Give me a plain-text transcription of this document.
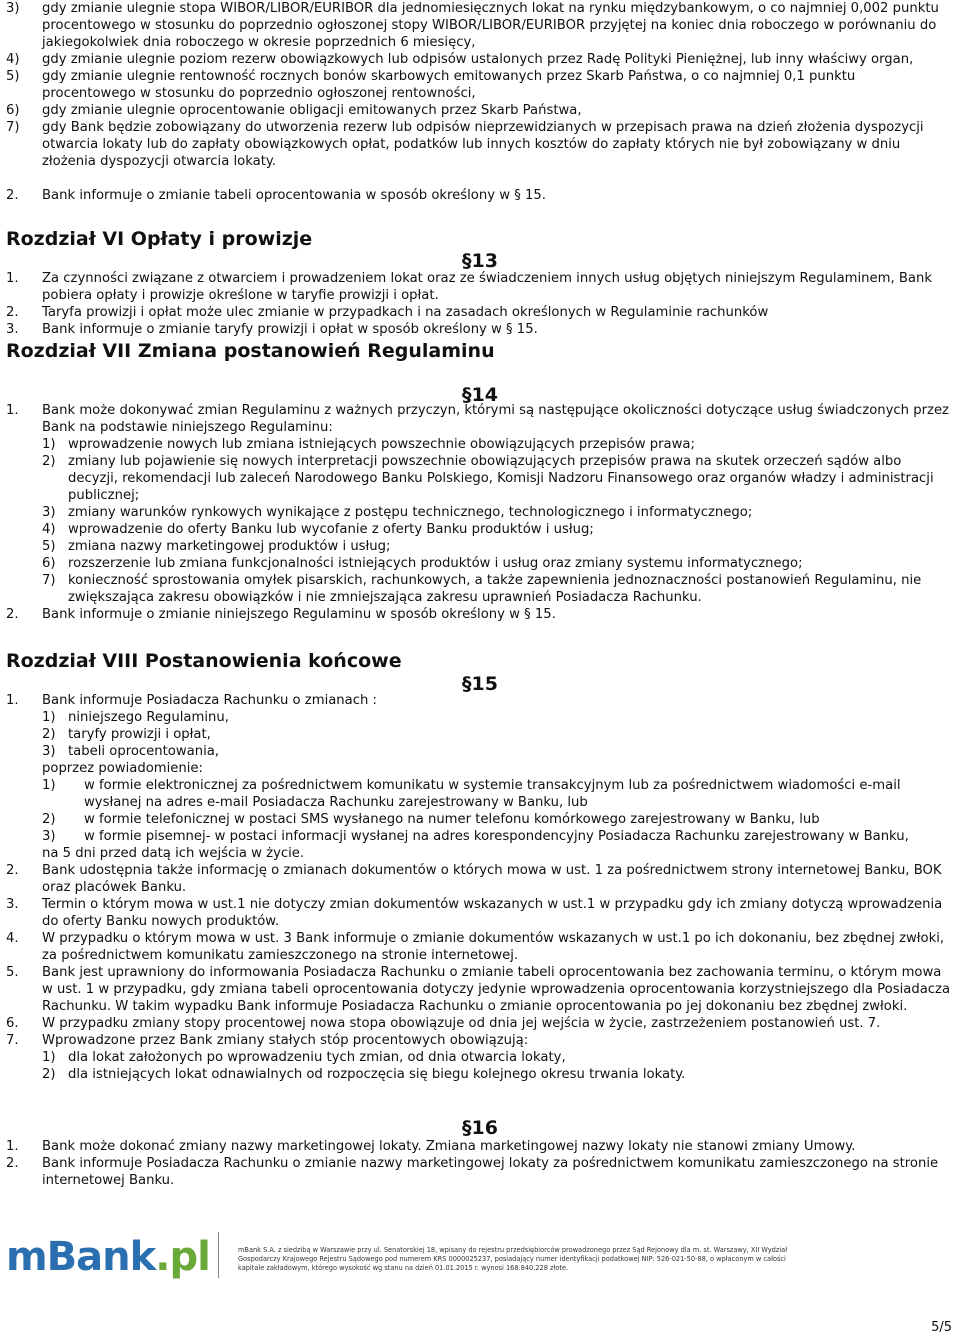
3)	gdy zmianie ulegnie stopa WIBOR/LIBOR/EURIBOR dla jednomiesięcznych lokat na rynku międzybankowym, o co najmniej 0,002 punktu procentowego w stosunku do poprzednio ogłoszonej stopy WIBOR/LIBOR/EURIBOR przyjętej na koniec dnia roboczego w porównaniu do jakiegokolwiek dnia roboczego w okresie poprzednich 6 miesięcy,
4)	gdy zmianie ulegnie poziom rezerw obowiązkowych lub odpisów ustalonych przez Radę Polityki Pieniężnej, lub inny właściwy organ,
5)	gdy zmianie ulegnie rentowność rocznych bonów skarbowych emitowanych przez Skarb Państwa, o co najmniej 0,1 punktu procentowego w stosunku do poprzednio ogłoszonej rentowności,
6)	gdy zmianie ulegnie oprocentowanie obligacji emitowanych przez Skarb Państwa,
7)	gdy Bank będzie zobowiązany do utworzenia rezerw lub odpisów nieprzewidzianych w przepisach prawa na dzień złożenia dyspozycji otwarcia lokaty lub do zapłaty obowiązkowych opłat, podatków lub innych kosztów do zapłaty których nie był zobowiązany w dniu złożenia dyspozycji otwarcia lokaty.
2.	Bank informuje o zmianie tabeli oprocentowania w sposób określony w § 15.
Rozdział VI Opłaty i prowizje
§13
1.	Za czynności związane z otwarciem i prowadzeniem lokat oraz ze świadczeniem innych usług objętych niniejszym Regulaminem, Bank pobiera opłaty i prowizje określone w taryfie prowizji i opłat.
2.	Taryfa prowizji i opłat może ulec zmianie w przypadkach i na zasadach określonych w Regulaminie rachunków
3.	Bank informuje o zmianie taryfy prowizji i opłat w sposób określony w § 15.
Rozdział VII Zmiana postanowień Regulaminu
§14
1.	Bank może dokonywać zmian Regulaminu z ważnych przyczyn, którymi są następujące okoliczności dotyczące usług świadczonych przez Bank na podstawie niniejszego Regulaminu:
1) wprowadzenie nowych lub zmiana istniejących powszechnie obowiązujących przepisów prawa;
2) zmiany lub pojawienie się nowych interpretacji powszechnie obowiązujących przepisów prawa na skutek orzeczeń sądów albo decyzji, rekomendacji lub zaleceń Narodowego Banku Polskiego, Komisji Nadzoru Finansowego oraz organów władzy i administracji publicznej;
3) zmiany warunków rynkowych wynikające z postępu technicznego, technologicznego i informatycznego;
4) wprowadzenie do oferty Banku lub wycofanie z oferty Banku produktów i usług;
5) zmiana nazwy marketingowej produktów i usług;
6) rozszerzenie lub zmiana funkcjonalności istniejących produktów i usług oraz zmiany systemu informatycznego;
7) konieczność sprostowania omyłek pisarskich, rachunkowych, a także zapewnienia jednoznaczności postanowień Regulaminu, nie zwiększająca zakresu obowiązków i nie zmniejszająca zakresu uprawnień Posiadacza Rachunku.
2.	Bank informuje o zmianie niniejszego Regulaminu w sposób określony w § 15.
Rozdział VIII Postanowienia końcowe
§15
1.	Bank informuje Posiadacza Rachunku o zmianach :
1) niniejszego Regulaminu,
2) taryfy prowizji i opłat,
3) tabeli oprocentowania,
poprzez powiadomienie:
1)	w formie elektronicznej za pośrednictwem komunikatu w systemie transakcyjnym lub za pośrednictwem wiadomości e-mail wysłanej na adres e-mail Posiadacza Rachunku zarejestrowany w Banku, lub
2)	w formie telefonicznej w postaci SMS wysłanego na numer telefonu komórkowego zarejestrowany w Banku, lub
3)	w formie pisemnej- w postaci informacji wysłanej na adres korespondencyjny Posiadacza Rachunku zarejestrowany w Banku,
na 5 dni przed datą ich wejścia w życie.
2.	Bank udostępnia także informację o zmianach dokumentów o których mowa w ust. 1 za pośrednictwem strony internetowej Banku, BOK oraz placówek Banku.
3.	Termin o którym mowa w ust.1 nie dotyczy zmian dokumentów wskazanych w ust.1 w przypadku gdy ich zmiany dotyczą wprowadzenia do oferty Banku nowych produktów.
4.	W przypadku o którym mowa w ust. 3 Bank informuje o zmianie dokumentów wskazanych w ust.1 po ich dokonaniu, bez zbędnej zwłoki, za pośrednictwem komunikatu zamieszczonego na stronie internetowej.
5.	Bank jest uprawniony do informowania Posiadacza Rachunku o zmianie tabeli oprocentowania bez zachowania terminu, o którym mowa w ust. 1 w przypadku, gdy zmiana tabeli oprocentowania dotyczy jedynie wprowadzenia oprocentowania korzystniejszego dla Posiadacza Rachunku. W takim wypadku Bank informuje Posiadacza Rachunku o zmianie oprocentowania po jej dokonaniu bez zbędnej zwłoki.
6.	W przypadku zmiany stopy procentowej nowa stopa obowiązuje od dnia jej wejścia w życie, zastrzeżeniem postanowień ust. 7.
7.	Wprowadzone przez Bank zmiany stałych stóp procentowych obowiązują:
1) dla lokat założonych po wprowadzeniu tych zmian, od dnia otwarcia lokaty,
2) dla istniejących lokat odnawialnych od rozpoczęcia się biegu kolejnego okresu trwania lokaty.
§16
1.	Bank może dokonać zmiany nazwy marketingowej lokaty. Zmiana marketingowej nazwy lokaty nie stanowi zmiany Umowy.
2.	Bank informuje Posiadacza Rachunku o zmianie nazwy marketingowej lokaty za pośrednictwem komunikatu zamieszczonego na stronie internetowej Banku.
mBank.pl	mBank S.A. z siedzibą w Warszawie przy ul. Senatorskiej 18, wpisany do rejestru przedsiębiorców prowadzonego przez Sąd Rejonowy dla m. st. Warszawy, XII Wydział Gospodarczy Krajowego Rejestru Sądowego pod numerem KRS 0000025237, posiadający numer identyfikacji podatkowej NIP: 526-021-50-88, o wpłaconym w całości kapitale zakładowym, którego wysokość wg stanu na dzień 01.01.2015 r. wynosi 168.840.228 złote.
5/5
